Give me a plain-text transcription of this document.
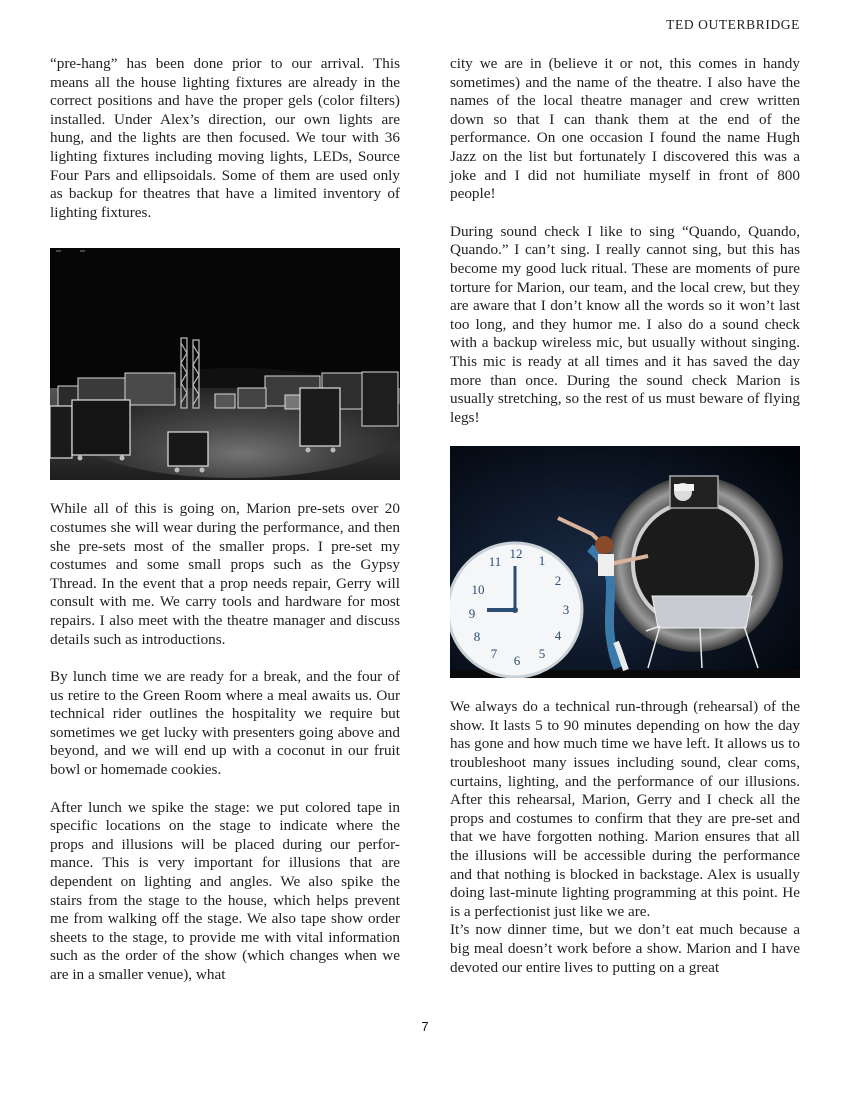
TED OUTERBRIDGE

“pre-hang” has been done prior to our arrival. This means all the house lighting fixtures are already in the correct positions and have the proper gels (color filters) installed. Under Alex’s direction, our own lights are hung, and the lights are then focused. We tour with 36 lighting fixtures including moving lights, LEDs, Source Four Pars and ellipsoidals. Some of them are used only as backup for theatres that have a limited inventory of lighting fixtures.

While all of this is going on, Marion pre-sets over 20 costumes she will wear during the performance, and then she pre-sets most of the smaller props. I pre-set my costumes and some small props such as the Gypsy Thread. In the event that a prop needs repair, Gerry will consult with me. We carry tools and hardware for most repairs. I also meet with the theatre manager and discuss details such as introductions.

By lunch time we are ready for a break, and the four of us retire to the Green Room where a meal awaits us. Our technical rider outlines the hospitality we require but sometimes we get lucky with presenters going above and beyond, and we will end up with a coconut in our fruit bowl or homemade cookies.

After lunch we spike the stage: we put colored tape in specific locations on the stage to indicate where the props and illusions will be placed during our perfor-mance. This is very important for illusions that are dependent on lighting and angles. We also spike the stairs from the stage to the house, which helps prevent me from walking off the stage. We also tape show order sheets to the stage, to provide me with vital information such as the order of the show (which changes when we are in a smaller venue), what

city we are in (believe it or not, this comes in handy sometimes) and the name of the theatre. I also have the names of the local theatre manager and crew written down so that I can thank them at the end of the performance. On one occasion I found the name Hugh Jazz on the list but fortunately I discovered this was a joke and I did not humiliate myself in front of 800 people!

During sound check I like to sing “Quando, Quando, Quando.” I can’t sing. I really cannot sing, but this has become my good luck ritual. These are moments of pure torture for Marion, our team, and the local crew, but they are aware that I don’t know all the words so it won’t last too long, and they humor me. I also do a sound check with a backup wireless mic, but usually without singing. This mic is ready at all times and it has saved the day more than once. During the sound check Marion is usually stretching, so the rest of us must beware of flying legs!

12 1
2
3
4
5
6
7
8
9
10
11

We always do a technical run-through (rehearsal) of the show. It lasts 5 to 90 minutes depending on how the day has gone and how much time we have left. It allows us to troubleshoot many issues including sound, clear coms, curtains, lighting, and the performance of our illusions. After this rehearsal, Marion, Gerry and I check all the props and costumes to confirm that they are pre-set and that we have forgotten nothing. Marion ensures that all the illusions will be accessible during the performance and that nothing is blocked in backstage. Alex is usually doing last-minute lighting programming at this point. He is a perfectionist just like we are.

It’s now dinner time, but we don’t eat much because a big meal doesn’t work before a show. Marion and I have devoted our entire lives to putting on a great

7
